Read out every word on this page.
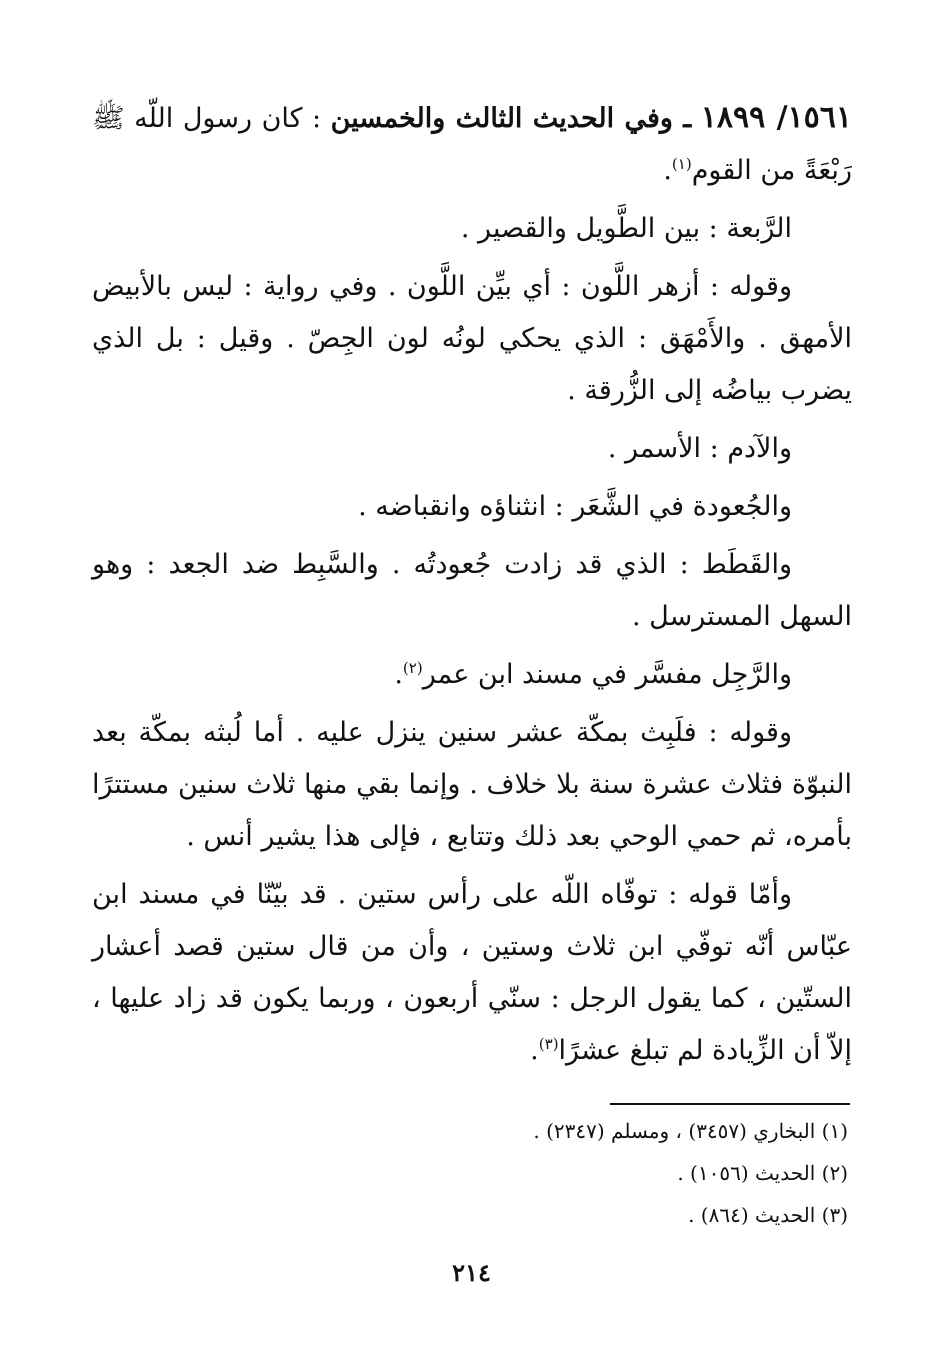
١٥٦١/ ١٨٩٩ ـ وفي الحديث الثالث والخمسين : كان رسول اللّه ﷺ رَبْعَةً من القوم$^{(١)}$.

الرَّبعة : بين الطَّويل والقصير .

وقوله : أزهر اللَّون : أي بيِّن اللَّون . وفي رواية : ليس بالأبيض الأمهق . والأَمْهَق : الذي يحكي لونُه لون الجِصّ . وقيل : بل الذي يضرب بياضُه إلى الزُّرقة .

والآدم : الأسمر .

والجُعودة في الشَّعَر : انثناؤه وانقباضه .

والقَطَط : الذي قد زادت جُعودتُه . والسَّبِط ضد الجعد : وهو السهل المسترسل .

والرَّجِل مفسَّر في مسند ابن عمر$^{(٢)}$.

وقوله : فلَبِث بمكّة عشر سنين ينزل عليه . أما لُبثه بمكّة بعد النبوّة فثلاث عشرة سنة بلا خلاف . وإنما بقي منها ثلاث سنين مستترًا بأمره، ثم حمي الوحي بعد ذلك وتتابع ، فإلى هذا يشير أنس .

وأمّا قوله : توفّاه اللّه على رأس ستين . قد بيّنّا في مسند ابن عبّاس أنّه توفّي ابن ثلاث وستين ، وأن من قال ستين قصد أعشار الستّين ، كما يقول الرجل : سنّي أربعون ، وربما يكون قد زاد عليها ، إلاّ أن الزِّيادة لم تبلغ عشرًا$^{(٣)}$.

(١) البخاري (٣٤٥٧) ، ومسلم (٢٣٤٧) .
(٢) الحديث (١٠٥٦) .
(٣) الحديث (٨٦٤) .
٢١٤
